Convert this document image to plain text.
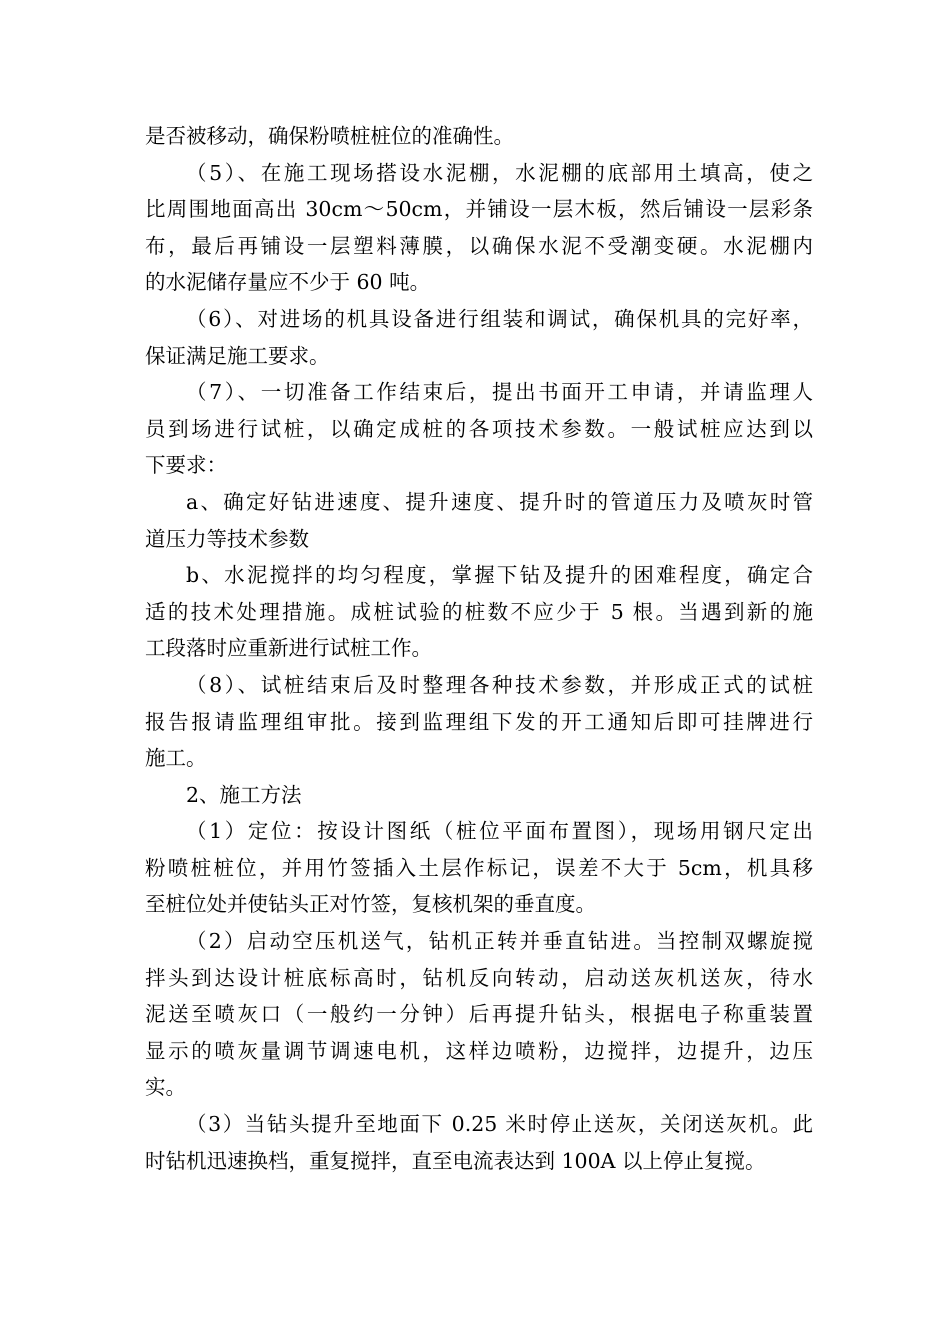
是否被移动，确保粉喷桩桩位的准确性。
（5）、在施工现场搭设水泥棚，水泥棚的底部用土填高，使之
比周围地面高出 30cm～50cm，并铺设一层木板，然后铺设一层彩条
布，最后再铺设一层塑料薄膜，以确保水泥不受潮变硬。水泥棚内
的水泥储存量应不少于 60 吨。
（6）、对进场的机具设备进行组装和调试，确保机具的完好率，
保证满足施工要求。
（7）、一切准备工作结束后，提出书面开工申请，并请监理人
员到场进行试桩，以确定成桩的各项技术参数。一般试桩应达到以
下要求：
a、确定好钻进速度、提升速度、提升时的管道压力及喷灰时管
道压力等技术参数
b、水泥搅拌的均匀程度，掌握下钻及提升的困难程度，确定合
适的技术处理措施。成桩试验的桩数不应少于 5 根。当遇到新的施
工段落时应重新进行试桩工作。
（8）、试桩结束后及时整理各种技术参数，并形成正式的试桩
报告报请监理组审批。接到监理组下发的开工通知后即可挂牌进行
施工。
2、施工方法
（1）定位：按设计图纸（桩位平面布置图），现场用钢尺定出
粉喷桩桩位，并用竹签插入土层作标记，误差不大于 5cm，机具移
至桩位处并使钻头正对竹签，复核机架的垂直度。
（2）启动空压机送气，钻机正转并垂直钻进。当控制双螺旋搅
拌头到达设计桩底标高时，钻机反向转动，启动送灰机送灰，待水
泥送至喷灰口（一般约一分钟）后再提升钻头，根据电子称重装置
显示的喷灰量调节调速电机，这样边喷粉，边搅拌，边提升，边压
实。
（3）当钻头提升至地面下 0.25 米时停止送灰，关闭送灰机。此
时钻机迅速换档，重复搅拌，直至电流表达到 100A 以上停止复搅。
